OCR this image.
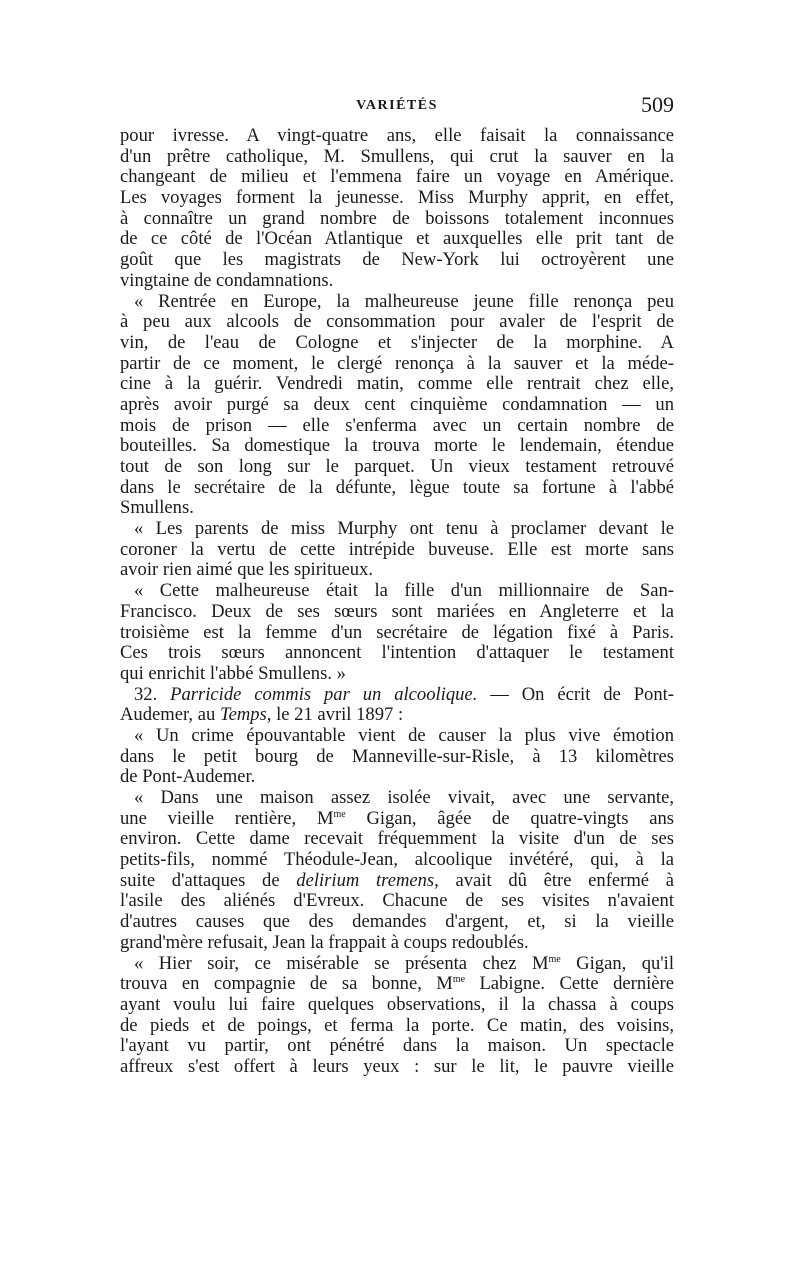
VARIÉTÉS	509
pour ivresse. A vingt-quatre ans, elle faisait la connaissance
d'un prêtre catholique, M. Smullens, qui crut la sauver en la
changeant de milieu et l'emmena faire un voyage en Amérique.
Les voyages forment la jeunesse. Miss Murphy apprit, en effet,
à connaître un grand nombre de boissons totalement inconnues
de ce côté de l'Océan Atlantique et auxquelles elle prit tant de
goût que les magistrats de New-York lui octroyèrent une
vingtaine de condamnations.
« Rentrée en Europe, la malheureuse jeune fille renonça peu
à peu aux alcools de consommation pour avaler de l'esprit de
vin, de l'eau de Cologne et s'injecter de la morphine. A
partir de ce moment, le clergé renonça à la sauver et la méde-
cine à la guérir. Vendredi matin, comme elle rentrait chez elle,
après avoir purgé sa deux cent cinquième condamnation — un
mois de prison — elle s'enferma avec un certain nombre de
bouteilles. Sa domestique la trouva morte le lendemain, étendue
tout de son long sur le parquet. Un vieux testament retrouvé
dans le secrétaire de la défunte, lègue toute sa fortune à l'abbé
Smullens.
« Les parents de miss Murphy ont tenu à proclamer devant le
coroner la vertu de cette intrépide buveuse. Elle est morte sans
avoir rien aimé que les spiritueux.
« Cette malheureuse était la fille d'un millionnaire de San-
Francisco. Deux de ses sœurs sont mariées en Angleterre et la
troisième est la femme d'un secrétaire de légation fixé à Paris.
Ces trois sœurs annoncent l'intention d'attaquer le testament
qui enrichit l'abbé Smullens. »
32. Parricide commis par un alcoolique. — On écrit de Pont-
Audemer, au Temps, le 21 avril 1897 :
« Un crime épouvantable vient de causer la plus vive émotion
dans le petit bourg de Manneville-sur-Risle, à 13 kilomètres
de Pont-Audemer.
« Dans une maison assez isolée vivait, avec une servante,
une vieille rentière, $M^{me}$ Gigan, âgée de quatre-vingts ans
environ. Cette dame recevait fréquemment la visite d'un de ses
petits-fils, nommé Théodule-Jean, alcoolique invétéré, qui, à la
suite d'attaques de delirium tremens, avait dû être enfermé à
l'asile des aliénés d'Evreux. Chacune de ses visites n'avaient
d'autres causes que des demandes d'argent, et, si la vieille
grand'mère refusait, Jean la frappait à coups redoublés.
« Hier soir, ce misérable se présenta chez $M^{me}$ Gigan, qu'il
trouva en compagnie de sa bonne, $M^{me}$ Labigne. Cette dernière
ayant voulu lui faire quelques observations, il la chassa à coups
de pieds et de poings, et ferma la porte. Ce matin, des voisins,
l'ayant vu partir, ont pénétré dans la maison. Un spectacle
affreux s'est offert à leurs yeux : sur le lit, le pauvre vieille
